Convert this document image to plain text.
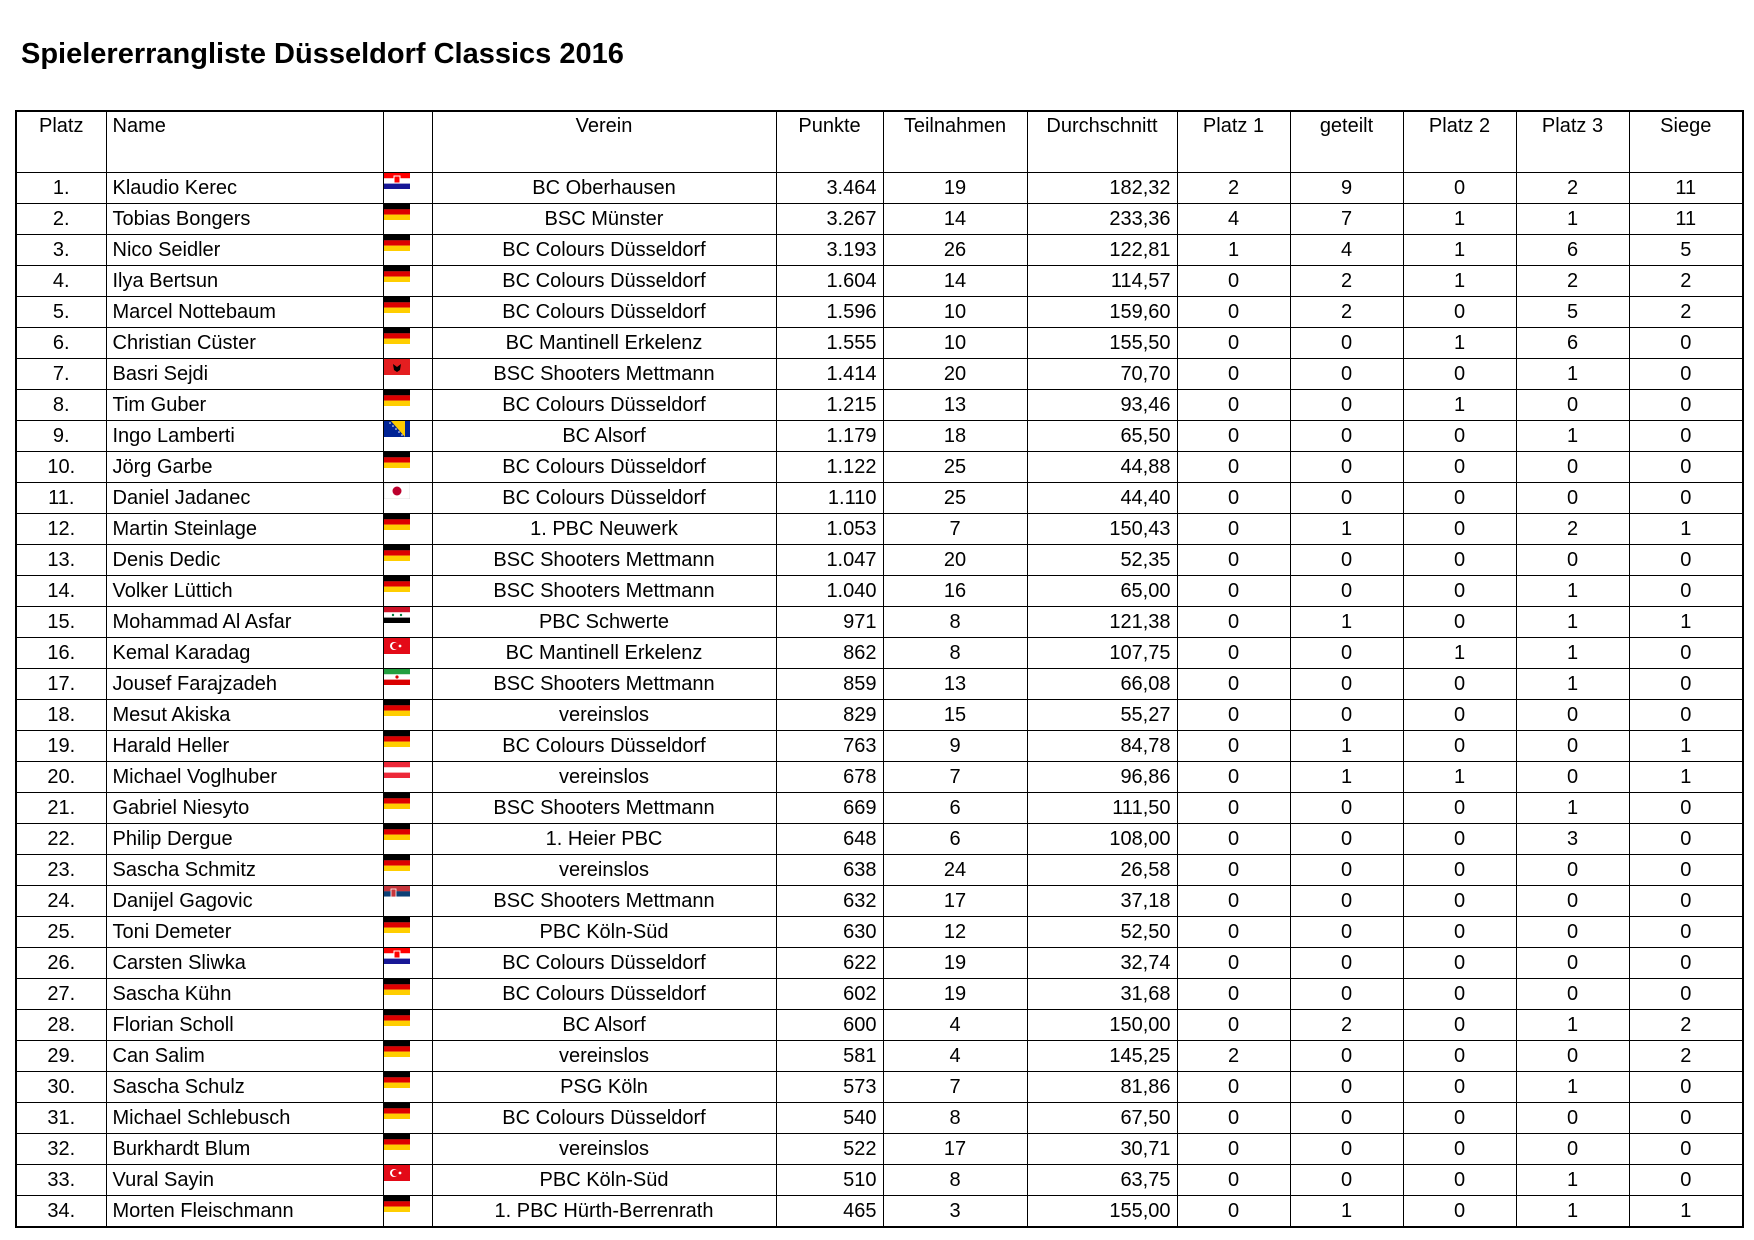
Spielererrangliste Düsseldorf Classics 2016
Platz	Name		Verein	Punkte	Teilnahmen	Durchschnitt	Platz 1	geteilt	Platz 2	Platz 3	Siege
1.	Klaudio Kerec		BC Oberhausen	3.464	19	182,32	2	9	0	2	11
2.	Tobias Bongers		BSC Münster	3.267	14	233,36	4	7	1	1	11
3.	Nico Seidler		BC Colours Düsseldorf	3.193	26	122,81	1	4	1	6	5
4.	Ilya Bertsun		BC Colours Düsseldorf	1.604	14	114,57	0	2	1	2	2
5.	Marcel Nottebaum		BC Colours Düsseldorf	1.596	10	159,60	0	2	0	5	2
6.	Christian Cüster		BC Mantinell Erkelenz	1.555	10	155,50	0	0	1	6	0
7.	Basri Sejdi		BSC Shooters Mettmann	1.414	20	70,70	0	0	0	1	0
8.	Tim Guber		BC Colours Düsseldorf	1.215	13	93,46	0	0	1	0	0
9.	Ingo Lamberti		BC Alsorf	1.179	18	65,50	0	0	0	1	0
10.	Jörg Garbe		BC Colours Düsseldorf	1.122	25	44,88	0	0	0	0	0
11.	Daniel Jadanec		BC Colours Düsseldorf	1.110	25	44,40	0	0	0	0	0
12.	Martin Steinlage		1. PBC Neuwerk	1.053	7	150,43	0	1	0	2	1
13.	Denis Dedic		BSC Shooters Mettmann	1.047	20	52,35	0	0	0	0	0
14.	Volker Lüttich		BSC Shooters Mettmann	1.040	16	65,00	0	0	0	1	0
15.	Mohammad Al Asfar		PBC Schwerte	971	8	121,38	0	1	0	1	1
16.	Kemal Karadag		BC Mantinell Erkelenz	862	8	107,75	0	0	1	1	0
17.	Jousef Farajzadeh		BSC Shooters Mettmann	859	13	66,08	0	0	0	1	0
18.	Mesut Akiska		vereinslos	829	15	55,27	0	0	0	0	0
19.	Harald Heller		BC Colours Düsseldorf	763	9	84,78	0	1	0	0	1
20.	Michael Voglhuber		vereinslos	678	7	96,86	0	1	1	0	1
21.	Gabriel Niesyto		BSC Shooters Mettmann	669	6	111,50	0	0	0	1	0
22.	Philip Dergue		1. Heier PBC	648	6	108,00	0	0	0	3	0
23.	Sascha Schmitz		vereinslos	638	24	26,58	0	0	0	0	0
24.	Danijel Gagovic		BSC Shooters Mettmann	632	17	37,18	0	0	0	0	0
25.	Toni Demeter		PBC Köln-Süd	630	12	52,50	0	0	0	0	0
26.	Carsten Sliwka		BC Colours Düsseldorf	622	19	32,74	0	0	0	0	0
27.	Sascha Kühn		BC Colours Düsseldorf	602	19	31,68	0	0	0	0	0
28.	Florian Scholl		BC Alsorf	600	4	150,00	0	2	0	1	2
29.	Can Salim		vereinslos	581	4	145,25	2	0	0	0	2
30.	Sascha Schulz		PSG Köln	573	7	81,86	0	0	0	1	0
31.	Michael Schlebusch		BC Colours Düsseldorf	540	8	67,50	0	0	0	0	0
32.	Burkhardt Blum		vereinslos	522	17	30,71	0	0	0	0	0
33.	Vural Sayin		PBC Köln-Süd	510	8	63,75	0	0	0	1	0
34.	Morten Fleischmann		1. PBC Hürth-Berrenrath	465	3	155,00	0	1	0	1	1
